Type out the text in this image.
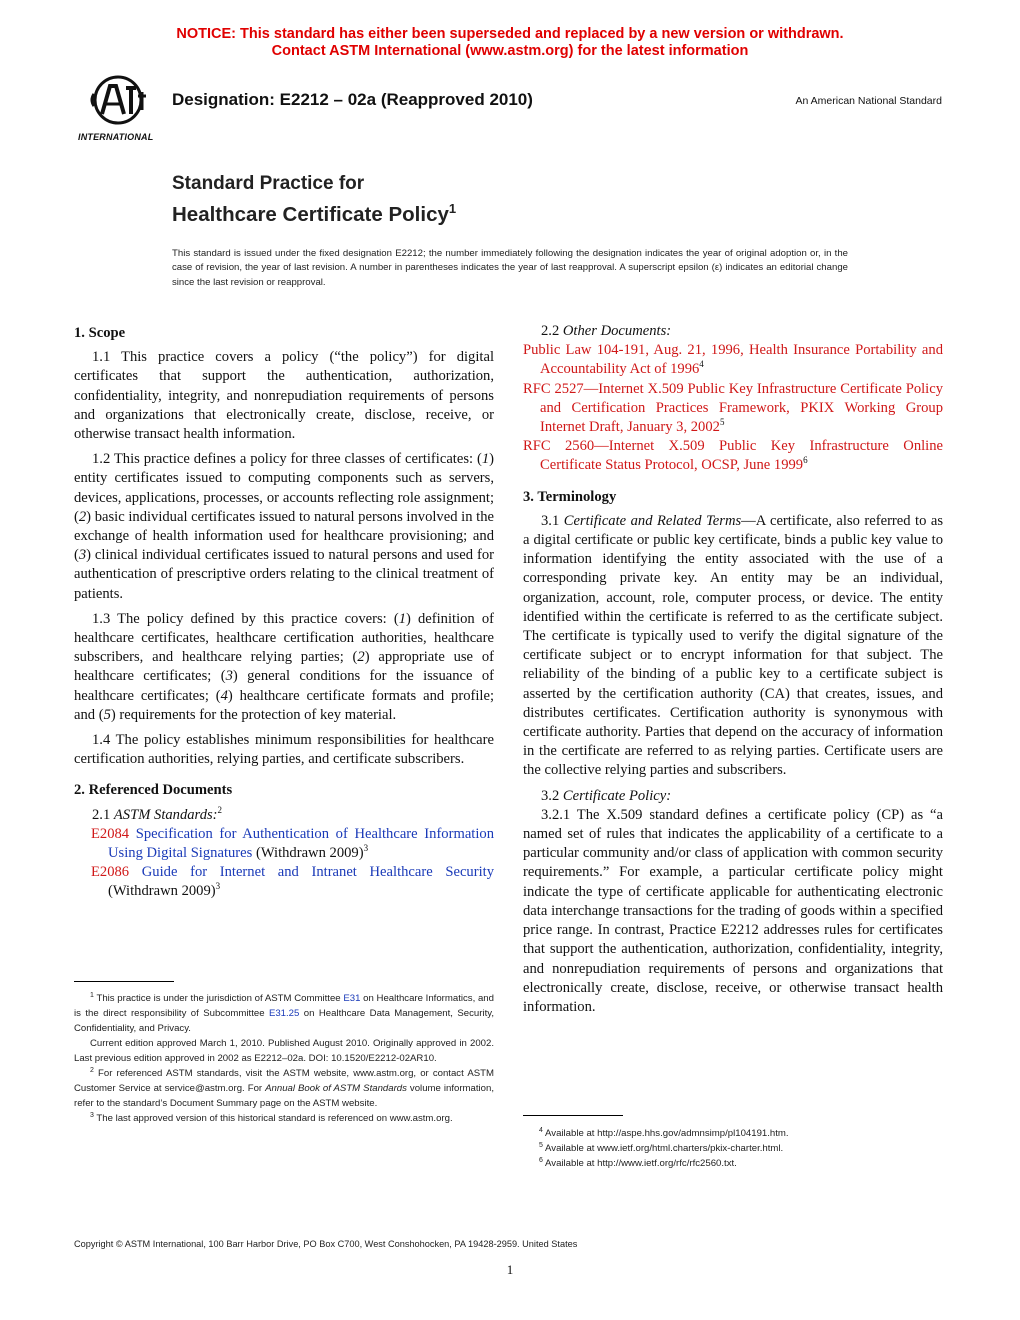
NOTICE: This standard has either been superseded and replaced by a new version or withdrawn.
Contact ASTM International (www.astm.org) for the latest information
INTERNATIONAL
Designation: E2212 – 02a (Reapproved 2010)	An American National Standard
Standard Practice for
Healthcare Certificate Policy$^1$
This standard is issued under the fixed designation E2212; the number immediately following the designation indicates the year of original adoption or, in the case of revision, the year of last revision. A number in parentheses indicates the year of last reapproval. A superscript epsilon (ε) indicates an editorial change since the last revision or reapproval.
1. Scope

1.1 This practice covers a policy (“the policy”) for digital certificates that support the authentication, authorization, confidentiality, integrity, and nonrepudiation requirements of persons and organizations that electronically create, disclose, receive, or otherwise transact health information.

1.2 This practice defines a policy for three classes of certificates: (1) entity certificates issued to computing components such as servers, devices, applications, processes, or accounts reflecting role assignment; (2) basic individual certificates issued to natural persons involved in the exchange of health information used for healthcare provisioning; and (3) clinical individual certificates issued to natural persons and used for authentication of prescriptive orders relating to the clinical treatment of patients.

1.3 The policy defined by this practice covers: (1) definition of healthcare certificates, healthcare certification authorities, healthcare subscribers, and healthcare relying parties; (2) appropriate use of healthcare certificates; (3) general conditions for the issuance of healthcare certificates; (4) healthcare certificate formats and profile; and (5) requirements for the protection of key material.

1.4 The policy establishes minimum responsibilities for healthcare certification authorities, relying parties, and certificate subscribers.

2. Referenced Documents

2.1 ASTM Standards:$^2$

E2084 Specification for Authentication of Healthcare Information Using Digital Signatures (Withdrawn 2009)$^3$
E2086 Guide for Internet and Intranet Healthcare Security (Withdrawn 2009)$^3$

$^1$ This practice is under the jurisdiction of ASTM Committee E31 on Healthcare Informatics, and is the direct responsibility of Subcommittee E31.25 on Healthcare Data Management, Security, Confidentiality, and Privacy.

Current edition approved March 1, 2010. Published August 2010. Originally approved in 2002. Last previous edition approved in 2002 as E2212–02a. DOI: 10.1520/E2212-02AR10.

$^2$ For referenced ASTM standards, visit the ASTM website, www.astm.org, or contact ASTM Customer Service at service@astm.org. For Annual Book of ASTM Standards volume information, refer to the standard’s Document Summary page on the ASTM website.

$^3$ The last approved version of this historical standard is referenced on www.astm.org.

2.2 Other Documents:

Public Law 104-191, Aug. 21, 1996, Health Insurance Portability and Accountability Act of 1996$^4$
RFC 2527—Internet X.509 Public Key Infrastructure Certificate Policy and Certification Practices Framework, PKIX Working Group Internet Draft, January 3, 2002$^5$
RFC 2560—Internet X.509 Public Key Infrastructure Online Certificate Status Protocol, OCSP, June 1999$^6$
3. Terminology

3.1 Certificate and Related Terms—A certificate, also referred to as a digital certificate or public key certificate, binds a public key value to information identifying the entity associated with the use of a corresponding private key. An entity may be an individual, organization, account, role, computer process, or device. The entity identified within the certificate is referred to as the certificate subject. The certificate is typically used to verify the digital signature of the certificate subject or to encrypt information for that subject. The reliability of the binding of a public key to a certificate subject is asserted by the certification authority (CA) that creates, issues, and distributes certificates. Certification authority is synonymous with certificate authority. Parties that depend on the accuracy of information in the certificate are referred to as relying parties. Certificate users are the collective relying parties and subscribers.

3.2 Certificate Policy:

3.2.1 The X.509 standard defines a certificate policy (CP) as “a named set of rules that indicates the applicability of a certificate to a particular community and/or class of application with common security requirements.” For example, a particular certificate policy might indicate the type of certificate applicable for authenticating electronic data interchange transactions for the trading of goods within a specified price range. In contrast, Practice E2212 addresses rules for certificates that support the authentication, authorization, confidentiality, integrity, and nonrepudiation requirements of persons and organizations that electronically create, disclose, receive, or otherwise transact health information.

$^4$ Available at http://aspe.hhs.gov/admnsimp/pl104191.htm.

$^5$ Available at www.ietf.org/html.charters/pkix-charter.html.

$^6$ Available at http://www.ietf.org/rfc/rfc2560.txt.

Copyright © ASTM International, 100 Barr Harbor Drive, PO Box C700, West Conshohocken, PA 19428-2959. United States
1
